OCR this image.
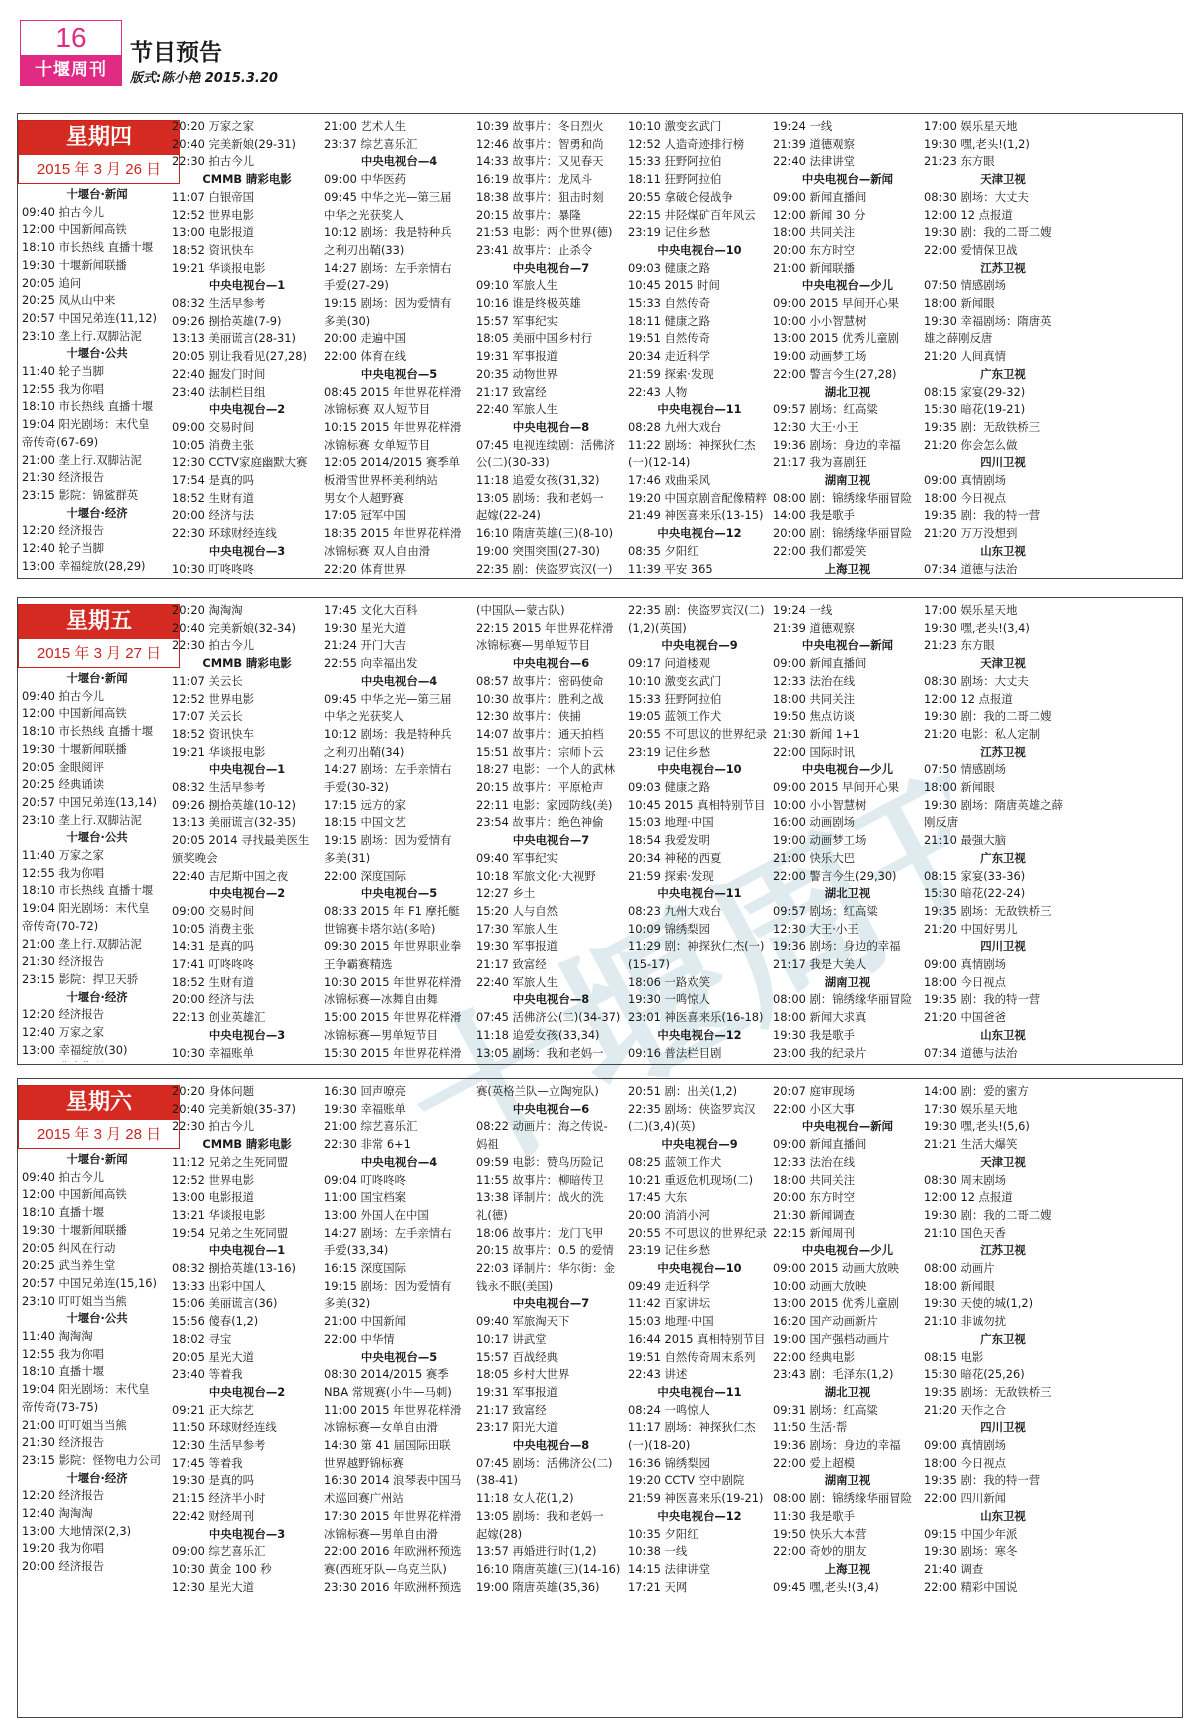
16
十堰周刊
节目预告
版式:陈小艳 2015.3.20
十堰周刊
星期四
2015 年 3 月 26 日
十堰台·新闻
09:40 拍古今儿
12:00 中国新闻高铁
18:10 市长热线 直播十堰
19:30 十堰新闻联播
20:05 追问
20:25 凤从山中来
20:57 中国兄弟连(11,12)
23:10 垄上行.双脚沾泥
十堰台·公共
11:40 轮子当脚
12:55 我为你唱
18:10 市长热线 直播十堰
19:04 阳光剧场：末代皇
帝传奇(67-69)
21:00 垄上行.双脚沾泥
21:30 经济报告
23:15 影院：锦鲨群英
十堰台·经济
12:20 经济报告
12:40 轮子当脚
13:00 幸福绽放(28,29)
20:20 万家之家
20:40 完美新娘(29-31)
22:30 拍古今儿
CMMB 睛彩电影
11:07 白银帝国
12:52 世界电影
13:00 电影报道
18:52 资讯快车
19:21 华谈报电影
中央电视台—1
08:32 生活早参考
09:26 捌拾英雄(7-9)
13:13 美丽谎言(28-31)
20:05 别让我看见(27,28)
22:40 掘发门时间
23:40 法制栏目组
中央电视台—2
09:00 交易时间
10:05 消费主张
12:30 CCTV家庭幽默大赛
17:54 是真的吗
18:52 生财有道
20:00 经济与法
22:30 环球财经连线
中央电视台—3
10:30 叮咚咚咚
21:00 艺术人生
23:37 综艺喜乐汇
中央电视台—4
09:00 中华医药
09:45 中华之光—第三届
中华之光获奖人
10:12 剧场：我是特种兵
之利刃出鞘(33)
14:27 剧场：左手亲情右
手爱(27-29)
19:15 剧场：因为爱情有
多美(30)
20:00 走遍中国
22:00 体育在线
中央电视台—5
08:45 2015 年世界花样滑
冰锦标赛 双人短节目
10:15 2015 年世界花样滑
冰锦标赛 女单短节目
12:05 2014/2015 赛季单
板滑雪世界杯美利纳站
男女个人超野赛
17:05 冠军中国
18:35 2015 年世界花样滑
冰锦标赛 双人自由滑
22:20 体育世界
10:39 故事片：冬日烈火
12:46 故事片：智勇和尚
14:33 故事片：又见春天
16:19 故事片：龙凤斗
18:38 故事片：狙击时刻
20:15 故事片：暴隆
21:53 电影：两个世界(德)
23:41 故事片：止杀令
中央电视台—7
09:10 军旅人生
10:16 谁是终极英雄
15:57 军事纪实
18:05 美丽中国乡村行
19:31 军事报道
20:35 动物世界
21:17 致富经
22:40 军旅人生
中央电视台—8
07:45 电视连续剧：活佛济
公(二)(30-33)
11:18 追爱女孩(31,32)
13:05 剧场：我和老妈一
起嫁(22-24)
16:10 隋唐英雄(三)(8-10)
19:00 突围突围(27-30)
22:35 剧：侠盗罗宾汉(一)
10:10 激变玄武门
12:52 人造奇迹排行榜
15:33 狂野阿拉伯
18:11 狂野阿拉伯
20:55 拿破仑侵战争
22:15 井陉煤矿百年风云
23:19 记住乡愁
中央电视台—10
09:03 健康之路
10:45 2015 时间
15:33 自然传奇
18:11 健康之路
19:51 自然传奇
20:34 走近科学
21:59 探索·发现
22:43 人物
中央电视台—11
08:28 九州大戏台
11:22 剧场：神探狄仁杰
(一)(12-14)
17:46 戏曲采风
19:20 中国京剧音配像精粹
21:49 神医喜来乐(13-15)
中央电视台—12
08:35 夕阳红
11:39 平安 365
19:24 一线
21:39 道德观察
22:40 法律讲堂
中央电视台—新闻
09:00 新闻直播间
12:00 新闻 30 分
18:00 共同关注
20:00 东方时空
21:00 新闻联播
中央电视台—少儿
09:00 2015 早间开心果
10:00 小小智慧树
13:00 2015 优秀儿童剧
19:00 动画梦工场
22:00 警言今生(27,28)
湖北卫视
09:57 剧场：红高粱
12:30 大王·小王
19:36 剧场：身边的幸福
21:17 我为喜剧狂
湖南卫视
08:00 剧：锦绣缘华丽冒险
14:00 我是歌手
20:00 剧：锦绣缘华丽冒险
22:00 我们都爱笑
上海卫视
17:00 娱乐星天地
19:30 嘿,老头!(1,2)
21:23 东方眼
天津卫视
08:30 剧场：大丈夫
12:00 12 点报道
19:30 剧：我的二哥二嫂
22:00 爱情保卫战
江苏卫视
07:50 情感剧场
18:00 新闻眼
19:30 幸福剧场：隋唐英
雄之薛刚反唐
21:20 人间真情
广东卫视
08:15 家宴(29-32)
15:30 暗花(19-21)
19:35 剧：无敌铁桥三
21:20 你会怎么做
四川卫视
09:00 真情剧场
18:00 今日视点
19:35 剧：我的特一营
21:20 万万没想到
山东卫视
07:34 道德与法治
星期五
2015 年 3 月 27 日
十堰台·新闻
09:40 拍古今儿
12:00 中国新闻高铁
18:10 市长热线 直播十堰
19:30 十堰新闻联播
20:05 金眼阅评
20:25 经典诵读
20:57 中国兄弟连(13,14)
23:10 垄上行.双脚沾泥
十堰台·公共
11:40 万家之家
12:55 我为你唱
18:10 市长热线 直播十堰
19:04 阳光剧场：末代皇
帝传奇(70-72)
21:00 垄上行.双脚沾泥
21:30 经济报告
23:15 影院：捍卫天骄
十堰台·经济
12:20 经济报告
12:40 万家之家
13:00 幸福绽放(30)
20:20 淘淘淘
20:40 完美新娘(32-34)
22:30 拍古今儿
CMMB 睛彩电影
11:07 关云长
12:52 世界电影
17:07 关云长
18:52 资讯快车
19:21 华谈报电影
中央电视台—1
08:32 生活早参考
09:26 捌拾英雄(10-12)
13:13 美丽谎言(32-35)
20:05 2014 寻找最美医生
颁奖晚会
22:40 吉尼斯中国之夜
中央电视台—2
09:00 交易时间
10:05 消费主张
14:31 是真的吗
17:41 叮咚咚咚
18:52 生财有道
20:00 经济与法
22:13 创业英雄汇
中央电视台—3
10:30 幸福账单
17:45 文化大百科
19:30 星光大道
21:24 开门大吉
22:55 向幸福出发
中央电视台—4
09:45 中华之光—第三届
中华之光获奖人
10:12 剧场：我是特种兵
之利刃出鞘(34)
14:27 剧场：左手亲情右
手爱(30-32)
17:15 远方的家
18:15 中国文艺
19:15 剧场：因为爱情有
多美(31)
22:00 深度国际
中央电视台—5
08:33 2015 年 F1 摩托艇
世锦赛卡塔尔站(多哈)
09:30 2015 年世界职业拳
王争霸赛精选
10:30 2015 年世界花样滑
冰锦标赛—冰舞自由舞
15:00 2015 年世界花样滑
冰锦标赛—男单短节目
15:30 2015 年世界花样滑
(中国队—蒙古队)
22:15 2015 年世界花样滑
冰锦标赛—男单短节目
中央电视台—6
08:57 故事片：密码使命
10:30 故事片：胜利之战
12:30 故事片：侠捕
14:07 故事片：通天拍档
15:51 故事片：宗师卜云
18:27 电影：一个人的武林
20:15 故事片：平原枪声
22:11 电影：家园防线(美)
23:54 故事片：绝色神偷
中央电视台—7
09:40 军事纪实
10:18 军旅文化·大视野
12:27 乡土
15:20 人与自然
17:30 军旅人生
19:30 军事报道
21:17 致富经
22:40 军旅人生
中央电视台—8
07:45 活佛济公(二)(34-37)
11:18 追爱女孩(33,34)
13:05 剧场：我和老妈一
22:35 剧：侠盗罗宾汉(二)
(1,2)(英国)
中央电视台—9
09:17 问道楼观
10:10 激变玄武门
15:33 狂野阿拉伯
19:05 蓝领工作犬
20:55 不可思议的世界纪录
23:19 记住乡愁
中央电视台—10
09:03 健康之路
10:45 2015 真相特别节目
15:03 地理·中国
18:54 我爱发明
20:34 神秘的西夏
21:59 探索·发现
中央电视台—11
08:23 九州大戏台
10:09 锦绣梨园
11:29 剧：神探狄仁杰(一)
(15-17)
18:06 一路欢笑
19:30 一鸣惊人
23:01 神医喜来乐(16-18)
中央电视台—12
09:16 普法栏目剧
19:24 一线
21:39 道德观察
中央电视台—新闻
09:00 新闻直播间
12:33 法治在线
18:00 共同关注
19:50 焦点访谈
21:30 新闻 1+1
22:00 国际时讯
中央电视台—少儿
09:00 2015 早间开心果
10:00 小小智慧树
16:00 动画剧场
19:00 动画梦工场
21:00 快乐大巴
22:00 警言今生(29,30)
湖北卫视
09:57 剧场：红高粱
12:30 大王·小王
19:36 剧场：身边的幸福
21:17 我是大美人
湖南卫视
08:00 剧：锦绣缘华丽冒险
18:00 新闻大求真
19:30 我是歌手
23:00 我的纪录片
17:00 娱乐星天地
19:30 嘿,老头!(3,4)
21:23 东方眼
天津卫视
08:30 剧场：大丈夫
12:00 12 点报道
19:30 剧：我的二哥二嫂
21:20 电影：私人定制
江苏卫视
07:50 情感剧场
18:00 新闻眼
19:30 剧场：隋唐英雄之薛
刚反唐
21:10 最强大脑
广东卫视
08:15 家宴(33-36)
15:30 暗花(22-24)
19:35 剧场：无敌铁桥三
21:20 中国好男儿
四川卫视
09:00 真情剧场
18:00 今日视点
19:35 剧：我的特一营
21:20 中国爸爸
山东卫视
07:34 道德与法治
星期六
2015 年 3 月 28 日
十堰台·新闻
09:40 拍古今儿
12:00 中国新闻高铁
18:10 直播十堰
19:30 十堰新闻联播
20:05 纠风在行动
20:25 武当养生堂
20:57 中国兄弟连(15,16)
23:10 叮叮姐当当熊
十堰台·公共
11:40 淘淘淘
12:55 我为你唱
18:10 直播十堰
19:04 阳光剧场：末代皇
帝传奇(73-75)
21:00 叮叮姐当当熊
21:30 经济报告
23:15 影院：怪物电力公司
十堰台·经济
12:20 经济报告
12:40 淘淘淘
13:00 大地情深(2,3)
19:20 我为你唱
20:00 经济报告
20:20 身体问题
20:40 完美新娘(35-37)
22:30 拍古今儿
CMMB 睛彩电影
11:12 兄弟之生死同盟
12:52 世界电影
13:00 电影报道
13:21 华谈报电影
19:54 兄弟之生死同盟
中央电视台—1
08:32 捌拾英雄(13-16)
13:33 出彩中国人
15:06 美丽谎言(36)
15:56 傻春(1,2)
18:02 寻宝
20:05 星光大道
23:40 等着我
中央电视台—2
09:21 正大综艺
11:50 环球财经连线
12:30 生活早参考
17:45 等着我
19:30 是真的吗
21:15 经济半小时
22:42 财经周刊
中央电视台—3
09:00 综艺喜乐汇
10:30 黄金 100 秒
12:30 星光大道
16:30 回声嘹亮
19:30 幸福账单
21:00 综艺喜乐汇
22:30 非常 6+1
中央电视台—4
09:04 叮咚咚咚
11:00 国宝档案
13:00 外国人在中国
14:27 剧场：左手亲情右
手爱(33,34)
16:15 深度国际
19:15 剧场：因为爱情有
多美(32)
21:00 中国新闻
22:00 中华情
中央电视台—5
08:30 2014/2015 赛季
NBA 常规赛(小牛—马刺)
11:00 2015 年世界花样滑
冰锦标赛—女单自由滑
14:30 第 41 届国际田联
世界越野锦标赛
16:30 2014 浪琴表中国马
术巡回赛广州站
17:30 2015 年世界花样滑
冰锦标赛—男单自由滑
22:00 2016 年欧洲杯预选
赛(西班牙队—乌克兰队)
23:30 2016 年欧洲杯预选
赛(英格兰队—立陶宛队)
中央电视台—6
08:22 动画片：海之传说-
妈祖
09:59 电影：赞鸟历险记
11:55 故事片：柳暗传卫
13:38 译制片：战火的洗
礼(德)
18:06 故事片：龙门飞甲
20:15 故事片：0.5 的爱情
22:03 译制片：华尔街：金
钱永不眠(美国)
中央电视台—7
09:40 军旅淘天下
10:17 讲武堂
15:57 百战经典
18:05 乡村大世界
19:31 军事报道
21:17 致富经
23:17 阳光大道
中央电视台—8
07:45 剧场：活佛济公(二)
(38-41)
11:18 女人花(1,2)
13:05 剧场：我和老妈一
起嫁(28)
13:57 再婚进行时(1,2)
16:10 隋唐英雄(三)(14-16)
19:00 隋唐英雄(35,36)
20:51 剧：出关(1,2)
22:35 剧场：侠盗罗宾汉
(二)(3,4)(英)
中央电视台—9
08:25 蓝领工作犬
10:21 重返危机现场(二)
17:45 大东
20:00 消消小河
20:55 不可思议的世界纪录
23:19 记住乡愁
中央电视台—10
09:49 走近科学
11:42 百家讲坛
15:03 地理·中国
16:44 2015 真相特别节目
19:51 自然传奇周末系列
22:43 讲述
中央电视台—11
08:24 一鸣惊人
11:17 剧场：神探狄仁杰
(一)(18-20)
16:36 锦绣梨园
19:20 CCTV 空中剧院
21:59 神医喜来乐(19-21)
中央电视台—12
10:35 夕阳红
10:38 一线
14:15 法律讲堂
17:21 天网
20:07 庭审现场
22:00 小区大事
中央电视台—新闻
09:00 新闻直播间
12:33 法治在线
18:00 共同关注
20:00 东方时空
21:30 新闻调查
22:15 新闻周刊
中央电视台—少儿
09:00 2015 动画大放映
10:00 动画大放映
13:00 2015 优秀儿童剧
16:20 国产动画新片
19:00 国产强档动画片
22:00 经典电影
23:43 剧：毛泽东(1,2)
湖北卫视
09:31 剧场：红高粱
11:50 生活·帮
19:36 剧场：身边的幸福
22:00 爱上超模
湖南卫视
08:00 剧：锦绣缘华丽冒险
11:30 我是歌手
19:50 快乐大本营
22:00 奇妙的朋友
上海卫视
09:45 嘿,老头!(3,4)
14:00 剧：爱的蜜方
17:30 娱乐星天地
19:30 嘿,老头!(5,6)
21:21 生活大爆笑
天津卫视
08:30 周末剧场
12:00 12 点报道
19:30 剧：我的二哥二嫂
21:10 国色天香
江苏卫视
08:00 动画片
18:00 新闻眼
19:30 天使的城(1,2)
21:10 非诚勿扰
广东卫视
08:15 电影
15:30 暗花(25,26)
19:35 剧场：无敌铁桥三
21:20 天作之合
四川卫视
09:00 真情剧场
18:00 今日视点
19:35 剧：我的特一营
22:00 四川新闻
山东卫视
09:15 中国少年派
19:30 剧场：寒冬
21:40 调查
22:00 精彩中国说
